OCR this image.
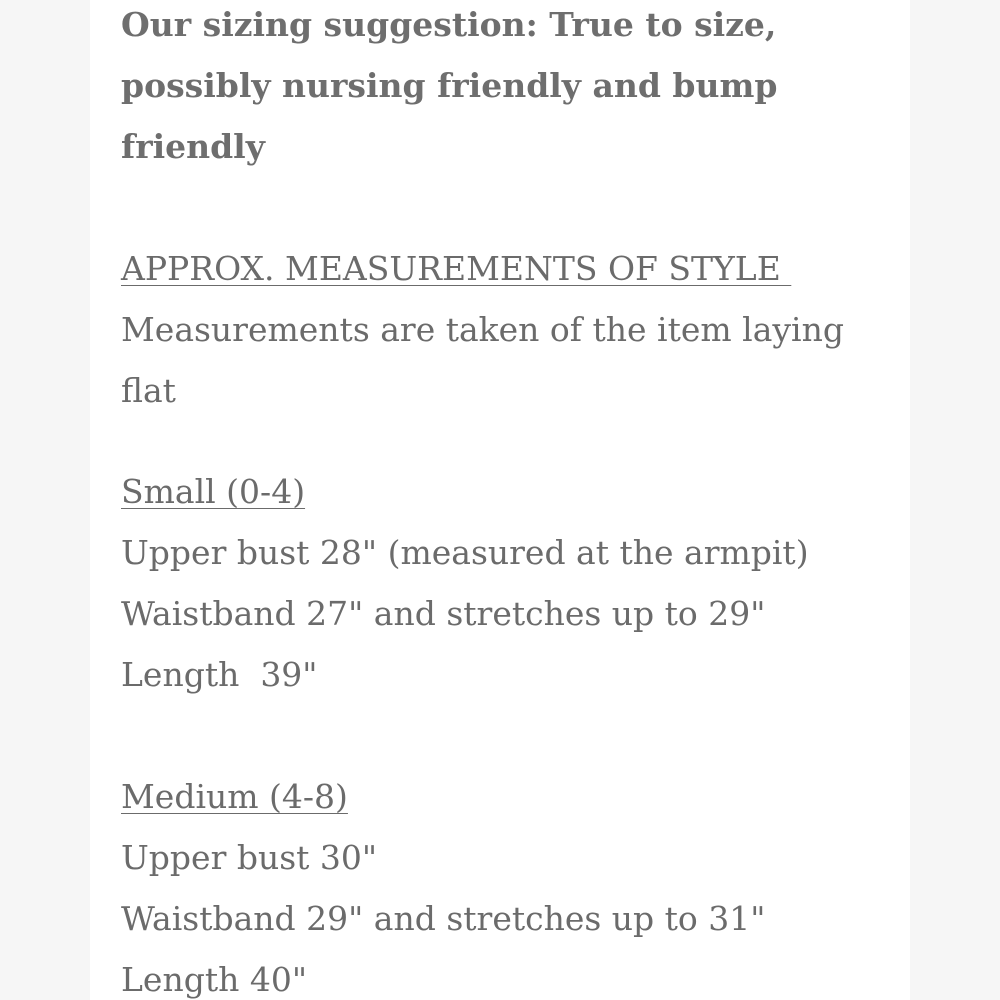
Our sizing suggestion: True to size,
possibly nursing friendly and bump
friendly
APPROX. MEASUREMENTS OF STYLE
Measurements are taken of the item laying
flat
Small (0-4)
Upper bust 28" (measured at the armpit)
Waistband 27" and stretches up to 29"
Length  39"
Medium (4-8)
Upper bust 30"
Waistband 29" and stretches up to 31"
Length 40"
